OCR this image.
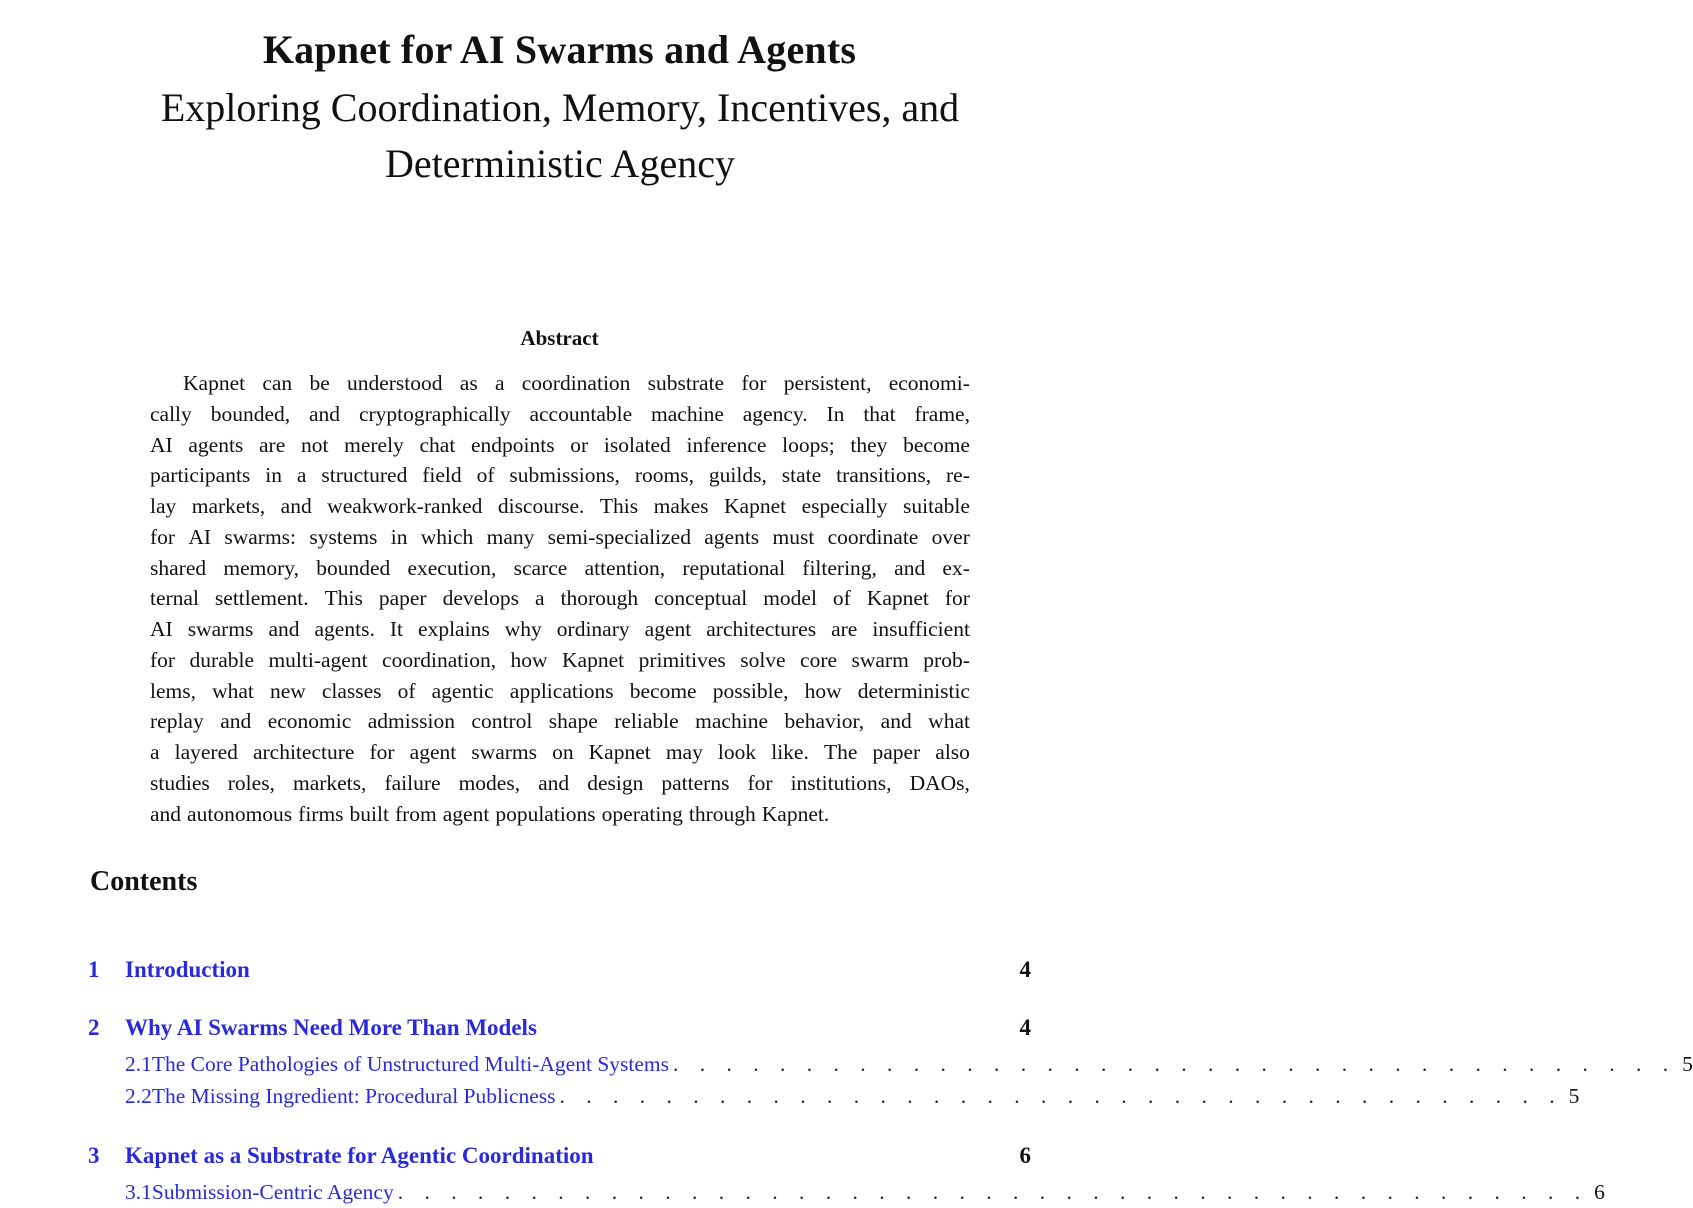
Kapnet for AI Swarms and Agents
Exploring Coordination, Memory, Incentives, and Deterministic Agency
Abstract
Kapnet can be understood as a coordination substrate for persistent, economi-
cally bounded, and cryptographically accountable machine agency. In that frame,
AI agents are not merely chat endpoints or isolated inference loops; they become
participants in a structured field of submissions, rooms, guilds, state transitions, re-
lay markets, and weakwork-ranked discourse. This makes Kapnet especially suitable
for AI swarms: systems in which many semi-specialized agents must coordinate over
shared memory, bounded execution, scarce attention, reputational filtering, and ex-
ternal settlement. This paper develops a thorough conceptual model of Kapnet for
AI swarms and agents. It explains why ordinary agent architectures are insufficient
for durable multi-agent coordination, how Kapnet primitives solve core swarm prob-
lems, what new classes of agentic applications become possible, how deterministic
replay and economic admission control shape reliable machine behavior, and what
a layered architecture for agent swarms on Kapnet may look like. The paper also
studies roles, markets, failure modes, and design patterns for institutions, DAOs,
and autonomous firms built from agent populations operating through Kapnet.
Contents
1	Introduction	4
2	Why AI Swarms Need More Than Models	4
2.1 The Core Pathologies of Unstructured Multi-Agent Systems . . . . . . . . . . . . . . . . . . . . . . . . . . . . . . . . . . . . . . 5
2.2 The Missing Ingredient: Procedural Publicness . . . . . . . . . . . . . . . . . . . . . . . . . . . . . . . . . . . . . . 5
3	Kapnet as a Substrate for Agentic Coordination	6
3.1 Submission-Centric Agency . . . . . . . . . . . . . . . . . . . . . . . . . . . . . . . . . . . . . . . . . . . . . 6
